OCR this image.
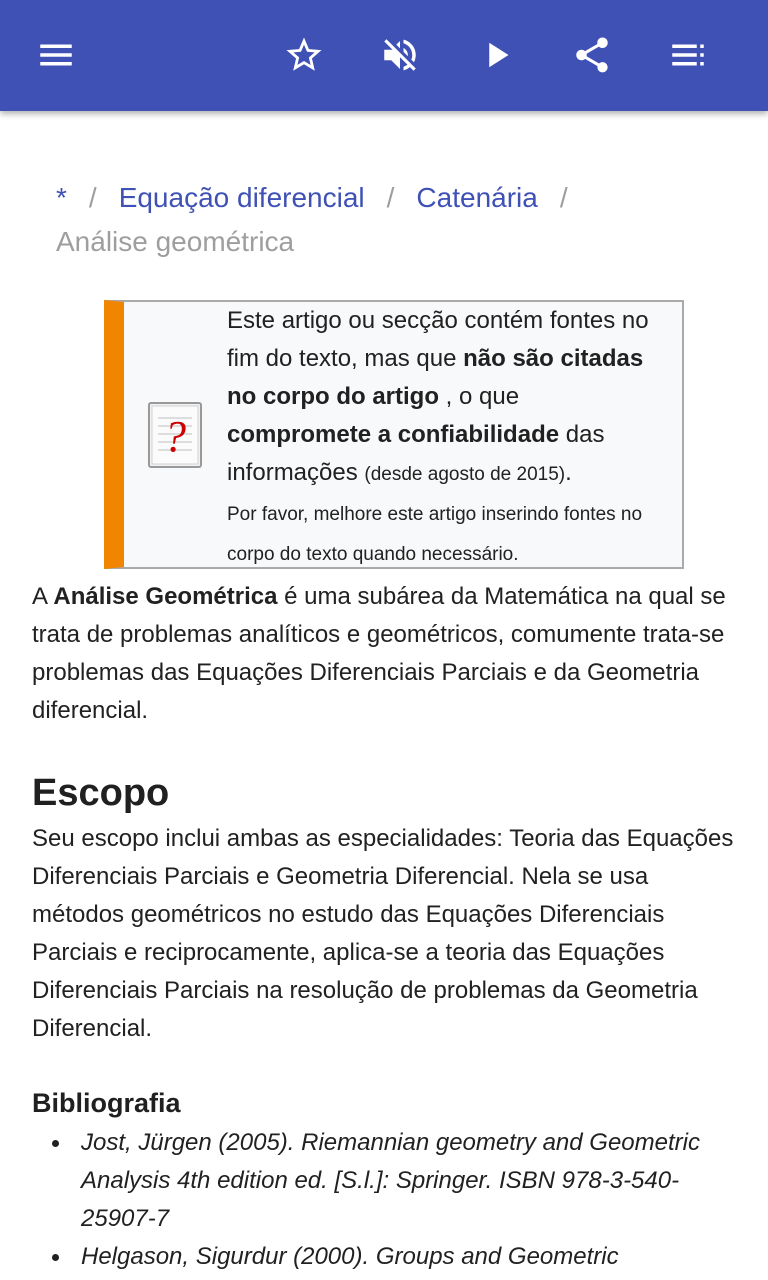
* / Equação diferencial / Catenária /
Análise geométrica
?
Este artigo ou secção contém fontes no fim do texto, mas que não são citadas no corpo do artigo , o que compromete a confiabilidade das informações (desde agosto de 2015).
Por favor, melhore este artigo inserindo fontes no corpo do texto quando necessário.

A Análise Geométrica é uma subárea da Matemática na qual se trata de problemas analíticos e geométricos, comumente trata-se problemas das Equações Diferenciais Parciais e da Geometria diferencial.

Escopo

Seu escopo inclui ambas as especialidades: Teoria das Equações Diferenciais Parciais e Geometria Diferencial. Nela se usa métodos geométricos no estudo das Equações Diferenciais Parciais e reciprocamente, aplica-se a teoria das Equações Diferenciais Parciais na resolução de problemas da Geometria Diferencial.

Bibliografia
Jost, Jürgen (2005). Riemannian geometry and Geometric Analysis 4th edition ed. [S.l.]: Springer. ISBN 978-3-540-25907-7
Helgason, Sigurdur (2000). Groups and Geometric
